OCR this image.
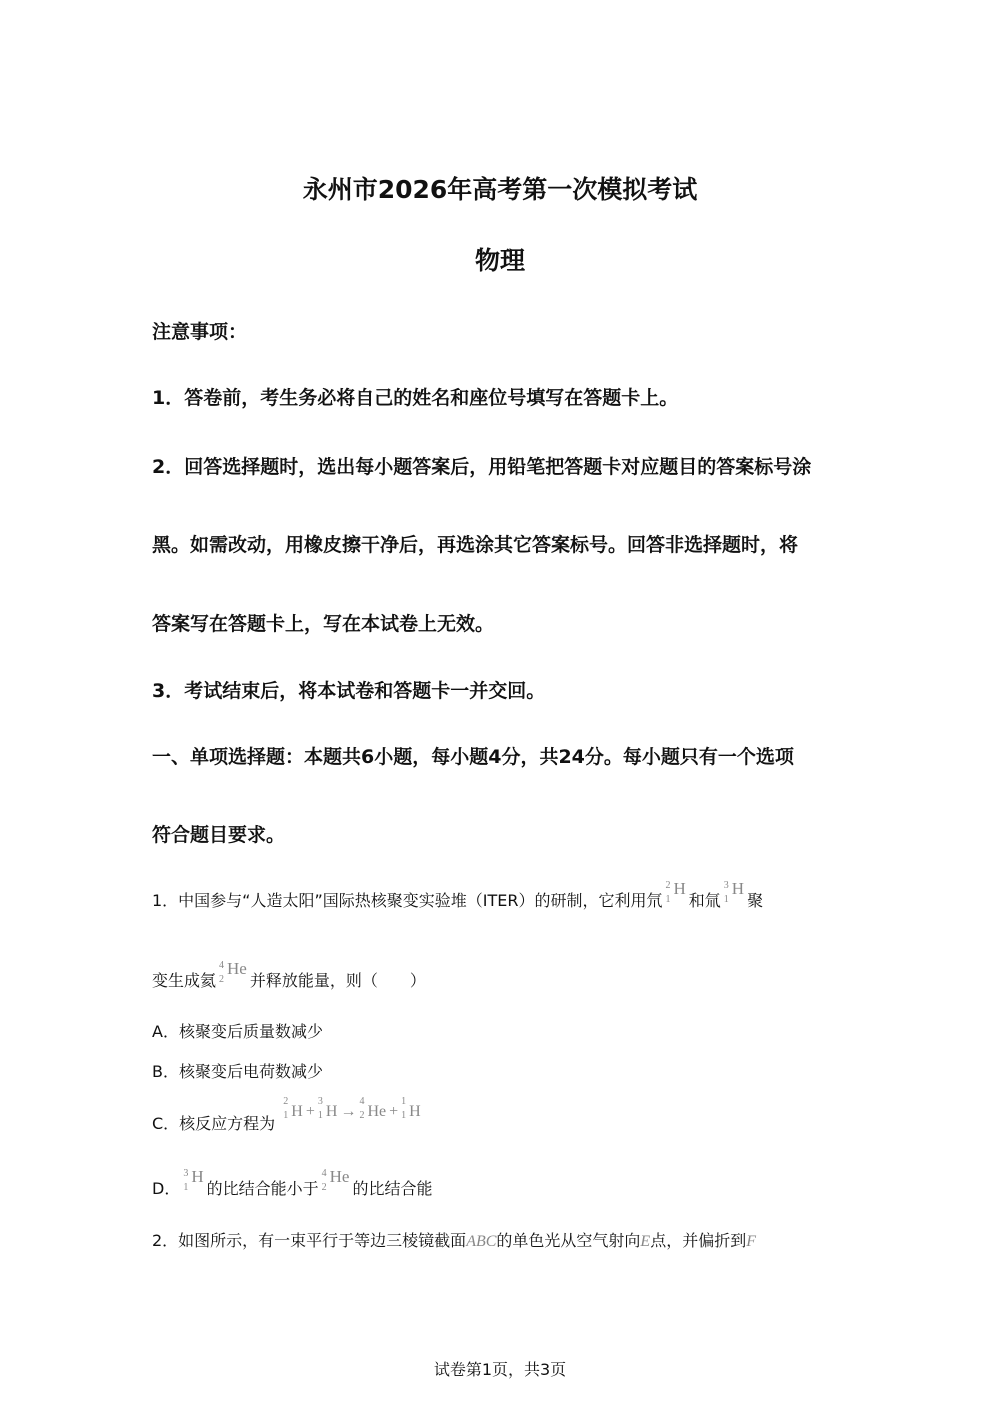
永州市2026年高考第一次模拟考试
物理
注意事项：
1．答卷前，考生务必将自己的姓名和座位号填写在答题卡上。
2．回答选择题时，选出每小题答案后，用铅笔把答题卡对应题目的答案标号涂
黑。如需改动，用橡皮擦干净后，再选涂其它答案标号。回答非选择题时，将
答案写在答题卡上，写在本试卷上无效。
3．考试结束后，将本试卷和答题卡一并交回。
一、单项选择题：本题共6小题，每小题4分，共24分。每小题只有一个选项
符合题目要求。
1．中国参与“人造太阳”国际热核聚变实验堆（ITER）的研制，它利用氘
2
1
H和氚
3
1
H聚
变生成氦
4
2
He并释放能量，则（　　）
A．核聚变后质量数减少
B．核聚变后电荷数减少
C．核反应方程为
2
1 H +
3
1 H →
4
2 He +
1
1 H
D．
3
1
H的比结合能小于
4
2
He的比结合能
2．如图所示，有一束平行于等边三棱镜截面ABC的单色光从空气射向E点，并偏折到F
试卷第1页，共3页
